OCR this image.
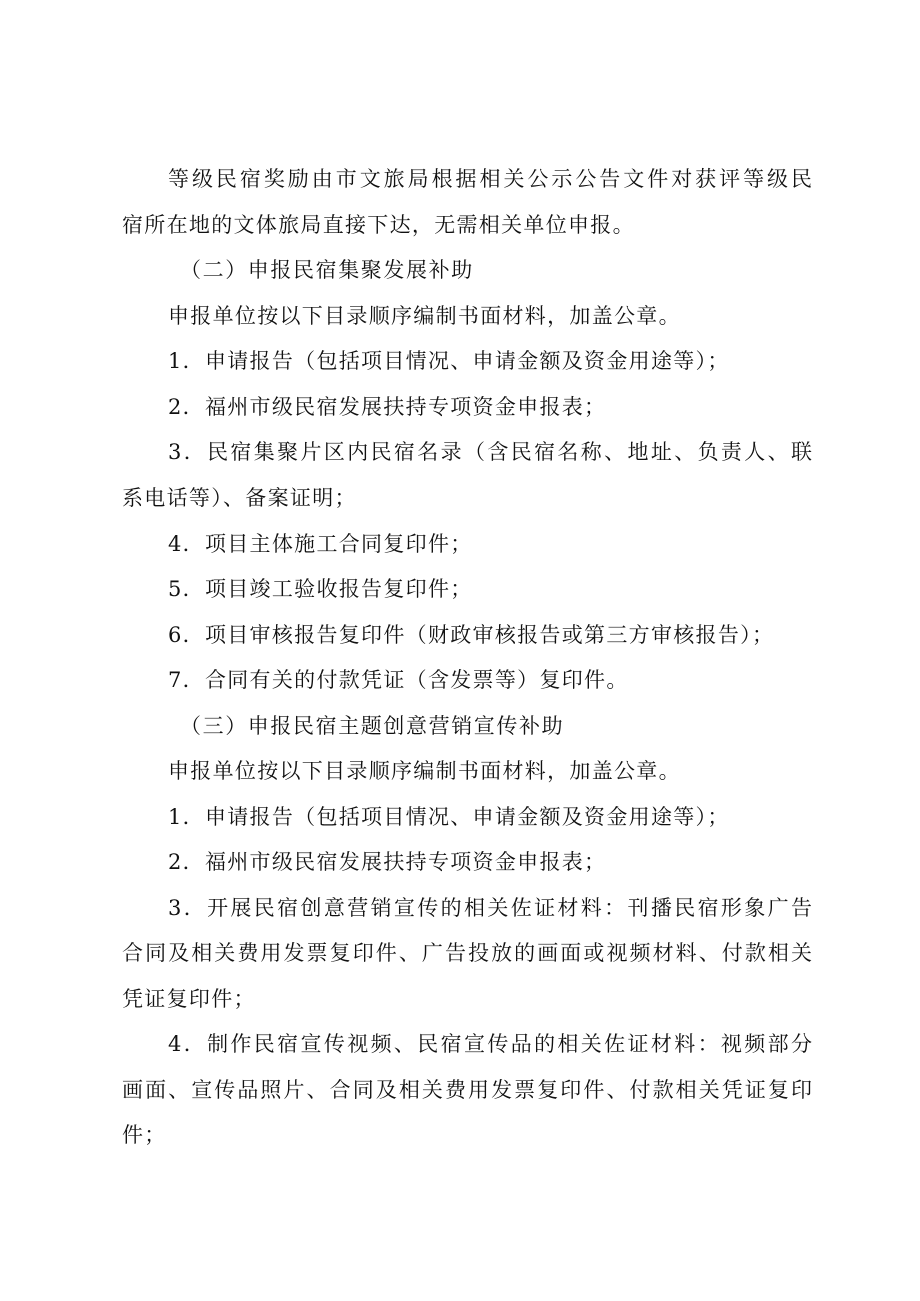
等级民宿奖励由市文旅局根据相关公示公告文件对获评等级民
宿所在地的文体旅局直接下达，无需相关单位申报。
（二）申报民宿集聚发展补助
申报单位按以下目录顺序编制书面材料，加盖公章。
1．申请报告（包括项目情况、申请金额及资金用途等）；
2．福州市级民宿发展扶持专项资金申报表；
3．民宿集聚片区内民宿名录（含民宿名称、地址、负责人、联
系电话等）、备案证明；
4．项目主体施工合同复印件；
5．项目竣工验收报告复印件；
6．项目审核报告复印件（财政审核报告或第三方审核报告）；
7．合同有关的付款凭证（含发票等）复印件。
（三）申报民宿主题创意营销宣传补助
申报单位按以下目录顺序编制书面材料，加盖公章。
1．申请报告（包括项目情况、申请金额及资金用途等）；
2．福州市级民宿发展扶持专项资金申报表；
3．开展民宿创意营销宣传的相关佐证材料：刊播民宿形象广告
合同及相关费用发票复印件、广告投放的画面或视频材料、付款相关
凭证复印件；
4．制作民宿宣传视频、民宿宣传品的相关佐证材料：视频部分
画面、宣传品照片、合同及相关费用发票复印件、付款相关凭证复印
件；
